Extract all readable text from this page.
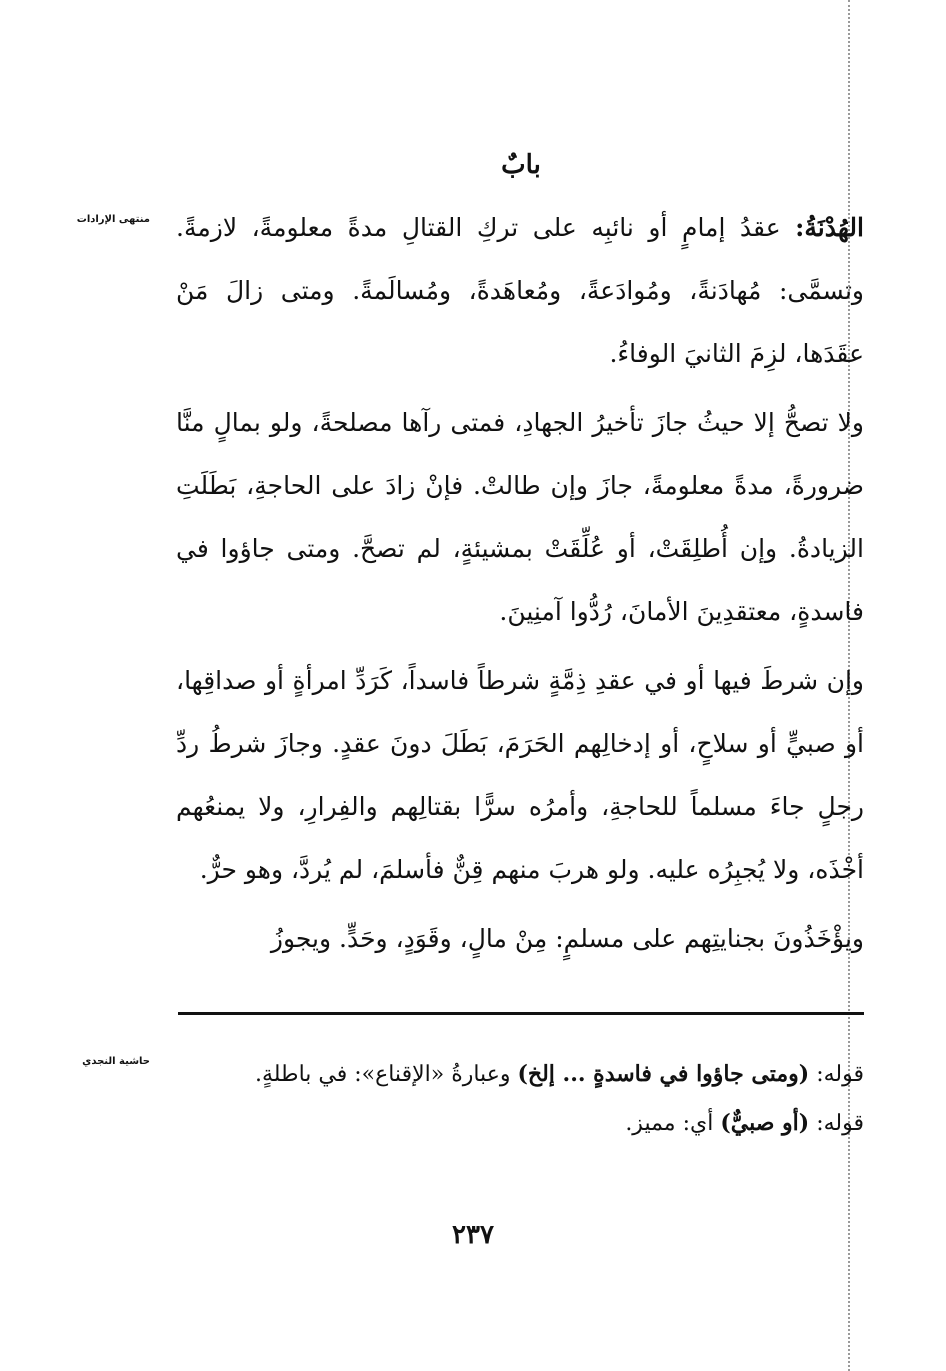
بابٌ
منتهى الإرادات	الهُدْنَةُ: عقدُ إمامٍ أو نائبِه على تركِ القتالِ مدةً معلومةً، لازمةً. وتسمَّى: مُهادَنةً، ومُوادَعةً، ومُعاهَدةً، ومُسالَمةً. ومتى زالَ مَنْ عقَدَها، لزِمَ الثانيَ الوفاءُ.

ولا تصحُّ إلا حيثُ جازَ تأخيرُ الجهادِ، فمتى رآها مصلحةً، ولو بمالٍ منَّا ضرورةً، مدةً معلومةً، جازَ وإن طالتْ. فإنْ زادَ على الحاجةِ، بَطَلَتِ الزيادةُ. وإن أُطلِقَتْ، أو عُلِّقَتْ بمشيئةٍ، لم تصحَّ. ومتى جاؤوا في فاسدةٍ، معتقدِينَ الأمانَ، رُدُّوا آمنِينَ.

وإن شرطَ فيها أو في عقدِ ذِمَّةٍ شرطاً فاسداً، كَرَدِّ امرأةٍ أو صداقِها، أو صبيٍّ أو سلاحٍ، أو إدخالِهم الحَرَمَ، بَطَلَ دونَ عقدٍ. وجازَ شرطُ ردِّ رجلٍ جاءَ مسلماً للحاجةِ، وأمرُه سرًّا بقتالِهم والفِرارِ، ولا يمنعُهم أخْذَه، ولا يُجبِرُه عليه. ولو هربَ منهم قِنٌّ فأسلمَ، لم يُردَّ، وهو حرٌّ.

ويؤْخَذُونَ بجنايتِهم على مسلمٍ: مِنْ مالٍ، وقَوَدٍ، وحَدٍّ. ويجوزُ

حاشية النجدي

قوله: (ومتى جاؤوا في فاسدةٍ ... إلخ) وعبارةُ «الإقناع»: في باطلةٍ.

قوله: (أو صبيٌّ) أي: مميز.

٢٣٧
